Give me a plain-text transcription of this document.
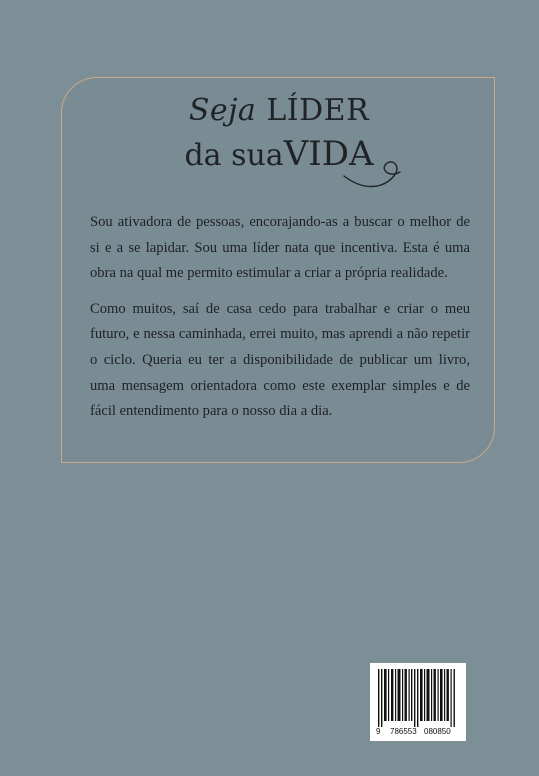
Seja LÍDER
da suaVIDA

Sou ativadora de pessoas, encorajando-as a buscar o melhor de si e a se lapidar. Sou uma líder nata que incentiva. Esta é uma obra na qual me permito estimular a criar a própria realidade.

Como muitos, saí de casa cedo para trabalhar e criar o meu futuro, e nessa caminhada, errei muito, mas aprendi a não repetir o ciclo. Queria eu ter a disponibilidade de publicar um livro, uma mensagem orientadora como este exemplar simples e de fácil entendimento para o nosso dia a dia.

9 786553 080850
